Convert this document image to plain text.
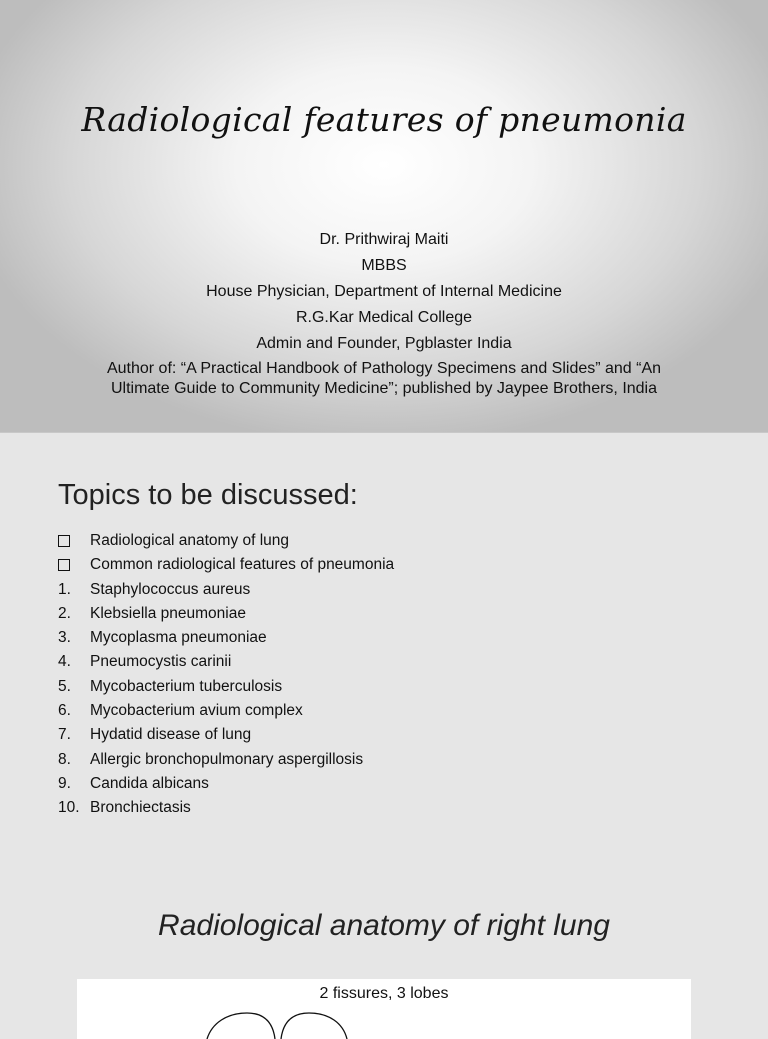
Radiological features of pneumonia
Dr. Prithwiraj Maiti
MBBS
House Physician, Department of Internal Medicine
R.G.Kar Medical College
Admin and Founder, Pgblaster India
Author of: “A Practical Handbook of Pathology Specimens and Slides” and “An
Ultimate Guide to Community Medicine”; published by Jaypee Brothers, India
Topics to be discussed:
Radiological anatomy of lung
Common radiological features of pneumonia
1.	Staphylococcus aureus
2.	Klebsiella pneumoniae
3.	Mycoplasma pneumoniae
4.	Pneumocystis carinii
5.	Mycobacterium tuberculosis
6.	Mycobacterium avium complex
7.	Hydatid disease of lung
8.	Allergic bronchopulmonary aspergillosis
9.	Candida albicans
10. Bronchiectasis
Radiological anatomy of right lung
2 fissures, 3 lobes
